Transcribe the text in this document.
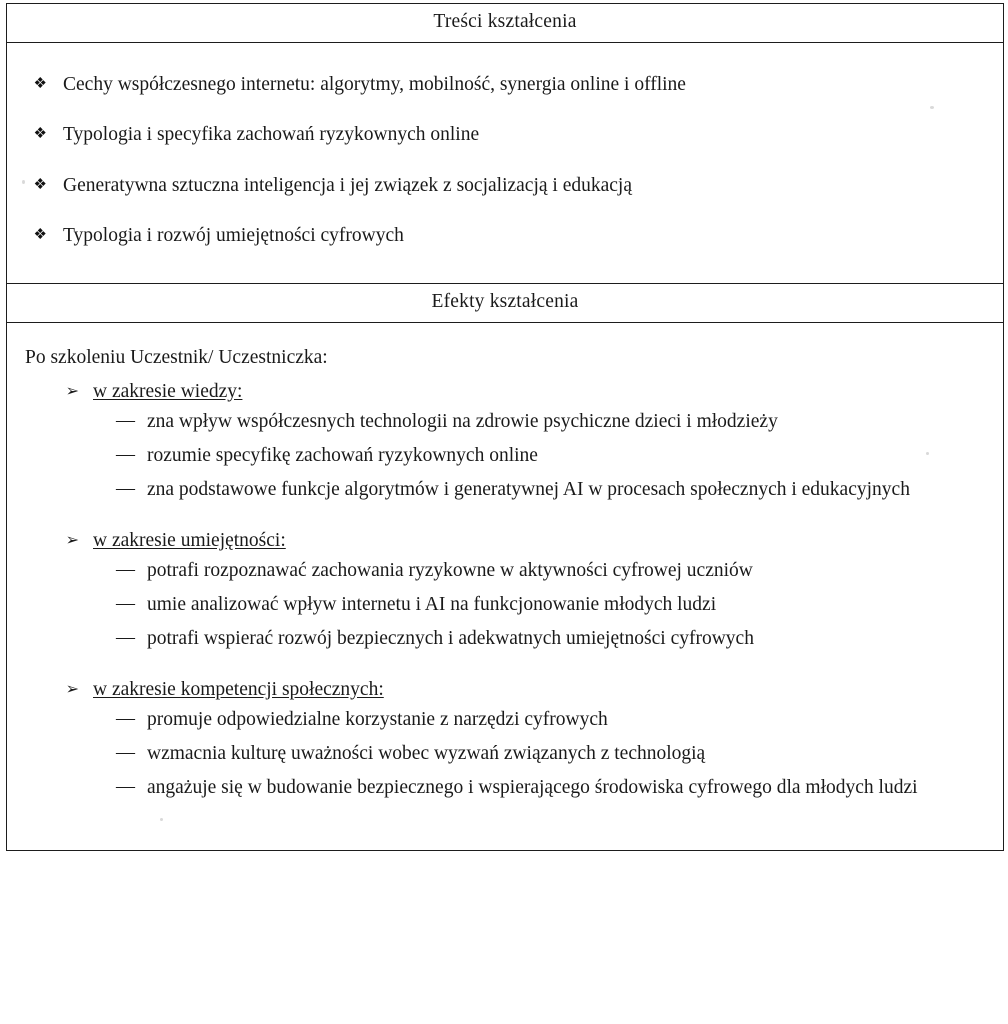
Treści kształcenia
❖ Cechy współczesnego internetu: algorytmy, mobilność, synergia online i offline
❖ Typologia i specyfika zachowań ryzykownych online
❖ Generatywna sztuczna inteligencja i jej związek z socjalizacją i edukacją
❖ Typologia i rozwój umiejętności cyfrowych
Efekty kształcenia

Po szkoleniu Uczestnik/ Uczestniczka:

➢ w zakresie wiedzy:
— zna wpływ współczesnych technologii na zdrowie psychiczne dzieci i młodzieży
— rozumie specyfikę zachowań ryzykownych online
— zna podstawowe funkcje algorytmów i generatywnej AI w procesach społecznych i edukacyjnych
➢ w zakresie umiejętności:
— potrafi rozpoznawać zachowania ryzykowne w aktywności cyfrowej uczniów
— umie analizować wpływ internetu i AI na funkcjonowanie młodych ludzi
— potrafi wspierać rozwój bezpiecznych i adekwatnych umiejętności cyfrowych
➢ w zakresie kompetencji społecznych:
— promuje odpowiedzialne korzystanie z narzędzi cyfrowych
— wzmacnia kulturę uważności wobec wyzwań związanych z technologią
— angażuje się w budowanie bezpiecznego i wspierającego środowiska cyfrowego dla młodych ludzi
